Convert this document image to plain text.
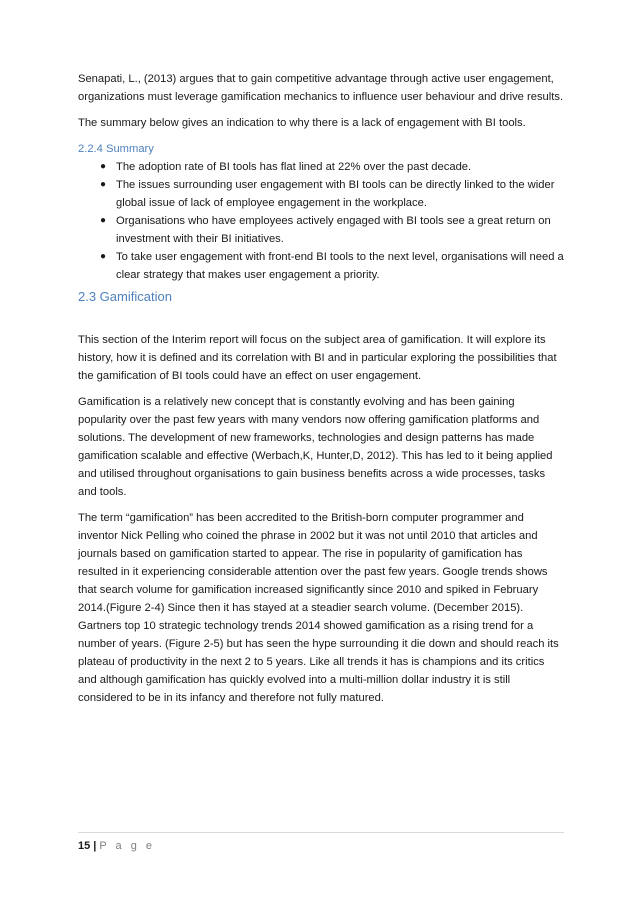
Senapati, L., (2013) argues that to gain competitive advantage through active user engagement, organizations must leverage gamification mechanics to influence user behaviour and drive results.

The summary below gives an indication to why there is a lack of engagement with BI tools.

2.2.4 Summary
● The adoption rate of BI tools has flat lined at 22% over the past decade.
● The issues surrounding user engagement with BI tools can be directly linked to the wider global issue of lack of employee engagement in the workplace.
● Organisations who have employees actively engaged with BI tools see a great return on investment with their BI initiatives.
● To take user engagement with front-end BI tools to the next level, organisations will need a clear strategy that makes user engagement a priority.
2.3 Gamification

This section of the Interim report will focus on the subject area of gamification. It will explore its history, how it is defined and its correlation with BI and in particular exploring the possibilities that the gamification of BI tools could have an effect on user engagement.

Gamification is a relatively new concept that is constantly evolving and has been gaining popularity over the past few years with many vendors now offering gamification platforms and solutions. The development of new frameworks, technologies and design patterns has made gamification scalable and effective (Werbach,K, Hunter,D, 2012). This has led to it being applied and utilised throughout organisations to gain business benefits across a wide processes, tasks and tools.

The term “gamification” has been accredited to the British-born computer programmer and inventor Nick Pelling who coined the phrase in 2002 but it was not until 2010 that articles and journals based on gamification started to appear. The rise in popularity of gamification has resulted in it experiencing considerable attention over the past few years. Google trends shows that search volume for gamification increased significantly since 2010 and spiked in February 2014.(Figure 2-4) Since then it has stayed at a steadier search volume. (December 2015). Gartners top 10 strategic technology trends 2014 showed gamification as a rising trend for a number of years. (Figure 2-5) but has seen the hype surrounding it die down and should reach its plateau of productivity in the next 2 to 5 years. Like all trends it has is champions and its critics and although gamification has quickly evolved into a multi-million dollar industry it is still considered to be in its infancy and therefore not fully matured.

15 | P a g e
